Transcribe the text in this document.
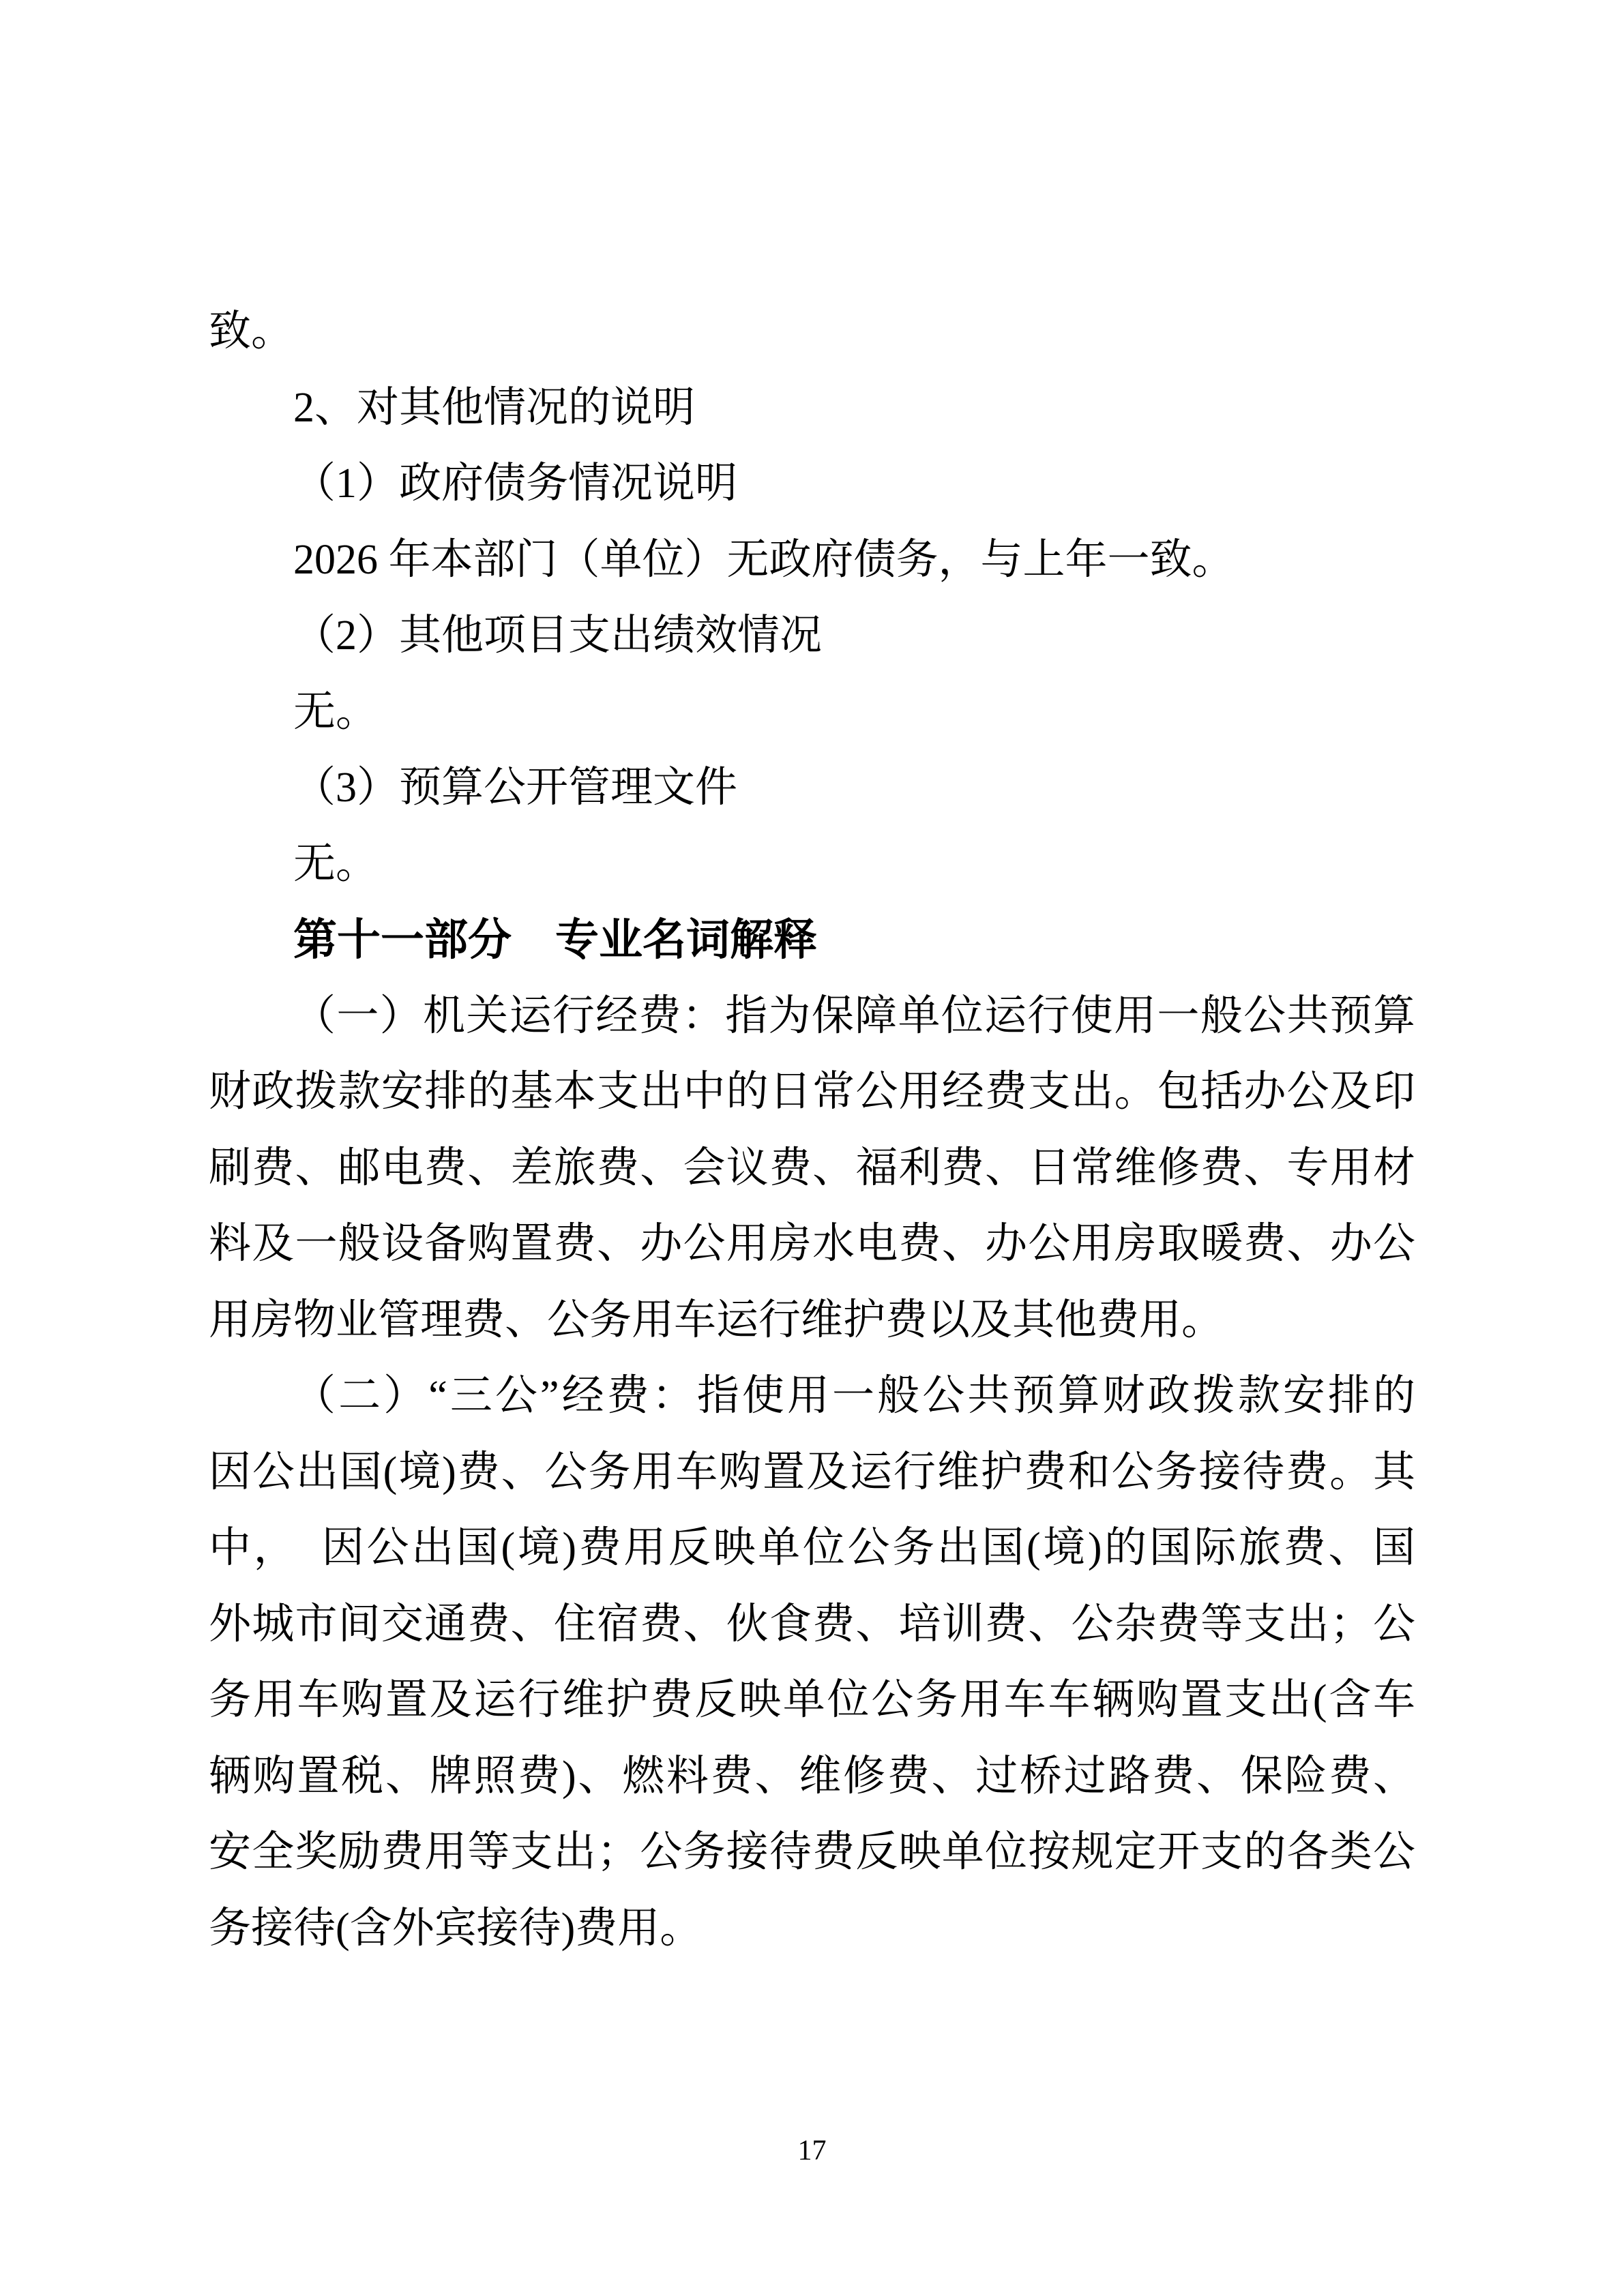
致。
2、对其他情况的说明
（1）政府债务情况说明
2026 年本部门（单位）无政府债务，与上年一致。
（2）其他项目支出绩效情况
无。
（3）预算公开管理文件
无。
第十一部分　专业名词解释
（一）机关运行经费：指为保障单位运行使用一般公共预算
财政拨款安排的基本支出中的日常公用经费支出。包括办公及印
刷费、邮电费、差旅费、会议费、福利费、日常维修费、专用材
料及一般设备购置费、办公用房水电费、办公用房取暖费、办公
用房物业管理费、公务用车运行维护费以及其他费用。
（二）“三公”经费：指使用一般公共预算财政拨款安排的
因公出国(境)费、公务用车购置及运行维护费和公务接待费。其
中，　因公出国(境)费用反映单位公务出国(境)的国际旅费、国
外城市间交通费、住宿费、伙食费、培训费、公杂费等支出；公
务用车购置及运行维护费反映单位公务用车车辆购置支出(含车
辆购置税、牌照费)、燃料费、维修费、过桥过路费、保险费、
安全奖励费用等支出；公务接待费反映单位按规定开支的各类公
务接待(含外宾接待)费用。
17
